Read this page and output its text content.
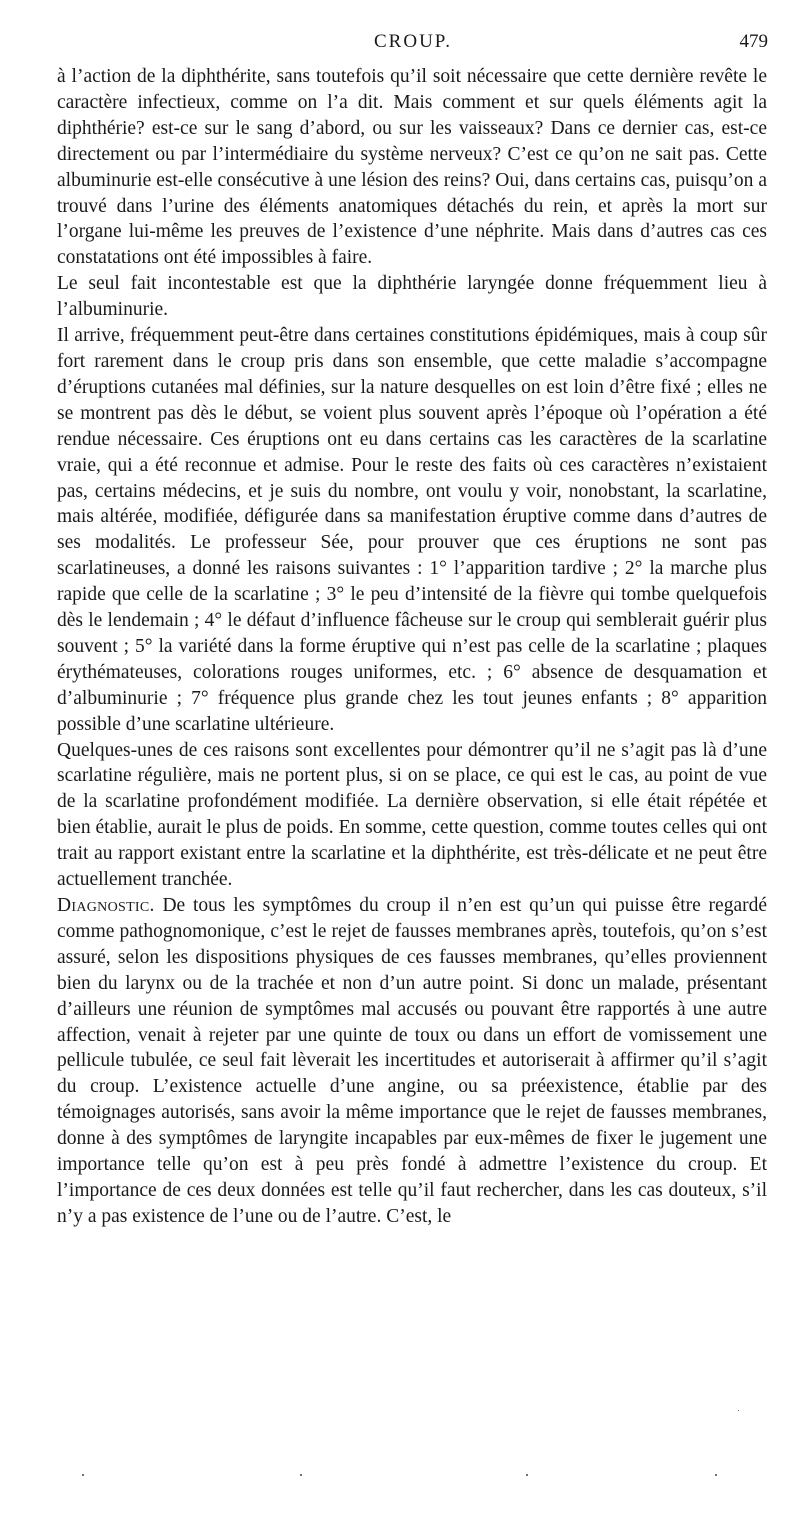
CROUP.	479

à l’action de la diphthérite, sans toutefois qu’il soit nécessaire que cette dernière revête le caractère infectieux, comme on l’a dit. Mais comment et sur quels éléments agit la diphthérie? est-ce sur le sang d’abord, ou sur les vaisseaux? Dans ce dernier cas, est-ce directement ou par l’intermédiaire du système nerveux? C’est ce qu’on ne sait pas. Cette albuminurie est-elle consécutive à une lésion des reins? Oui, dans certains cas, puisqu’on a trouvé dans l’urine des éléments anatomiques détachés du rein, et après la mort sur l’organe lui-même les preuves de l’existence d’une néphrite. Mais dans d’autres cas ces constatations ont été impossibles à faire.

Le seul fait incontestable est que la diphthérie laryngée donne fréquemment lieu à l’albuminurie.

Il arrive, fréquemment peut-être dans certaines constitutions épidémiques, mais à coup sûr fort rarement dans le croup pris dans son ensemble, que cette maladie s’accompagne d’éruptions cutanées mal définies, sur la nature desquelles on est loin d’être fixé ; elles ne se montrent pas dès le début, se voient plus souvent après l’époque où l’opération a été rendue nécessaire. Ces éruptions ont eu dans certains cas les caractères de la scarlatine vraie, qui a été reconnue et admise. Pour le reste des faits où ces caractères n’existaient pas, certains médecins, et je suis du nombre, ont voulu y voir, nonobstant, la scarlatine, mais altérée, modifiée, défigurée dans sa manifestation éruptive comme dans d’autres de ses modalités. Le professeur Sée, pour prouver que ces éruptions ne sont pas scarlatineuses, a donné les raisons suivantes : 1° l’apparition tardive ; 2° la marche plus rapide que celle de la scarlatine ; 3° le peu d’intensité de la fièvre qui tombe quelquefois dès le lendemain ; 4° le défaut d’influence fâcheuse sur le croup qui semblerait guérir plus souvent ; 5° la variété dans la forme éruptive qui n’est pas celle de la scarlatine ; plaques érythémateuses, colorations rouges uniformes, etc. ; 6° absence de desquamation et d’albuminurie ; 7° fréquence plus grande chez les tout jeunes enfants ; 8° apparition possible d’une scarlatine ultérieure.

Quelques-unes de ces raisons sont excellentes pour démontrer qu’il ne s’agit pas là d’une scarlatine régulière, mais ne portent plus, si on se place, ce qui est le cas, au point de vue de la scarlatine profondément modifiée. La dernière observation, si elle était répétée et bien établie, aurait le plus de poids. En somme, cette question, comme toutes celles qui ont trait au rapport existant entre la scarlatine et la diphthérite, est très-délicate et ne peut être actuellement tranchée.

Diagnostic. De tous les symptômes du croup il n’en est qu’un qui puisse être regardé comme pathognomonique, c’est le rejet de fausses membranes après, toutefois, qu’on s’est assuré, selon les dispositions physiques de ces fausses membranes, qu’elles proviennent bien du larynx ou de la trachée et non d’un autre point. Si donc un malade, présentant d’ailleurs une réunion de symptômes mal accusés ou pouvant être rapportés à une autre affection, venait à rejeter par une quinte de toux ou dans un effort de vomissement une pellicule tubulée, ce seul fait lèverait les incertitudes et autoriserait à affirmer qu’il s’agit du croup. L’existence actuelle d’une angine, ou sa préexistence, établie par des témoignages autorisés, sans avoir la même importance que le rejet de fausses membranes, donne à des symptômes de laryngite incapables par eux-mêmes de fixer le jugement une importance telle qu’on est à peu près fondé à admettre l’existence du croup. Et l’importance de ces deux données est telle qu’il faut rechercher, dans les cas douteux, s’il n’y a pas existence de l’une ou de l’autre. C’est, le
